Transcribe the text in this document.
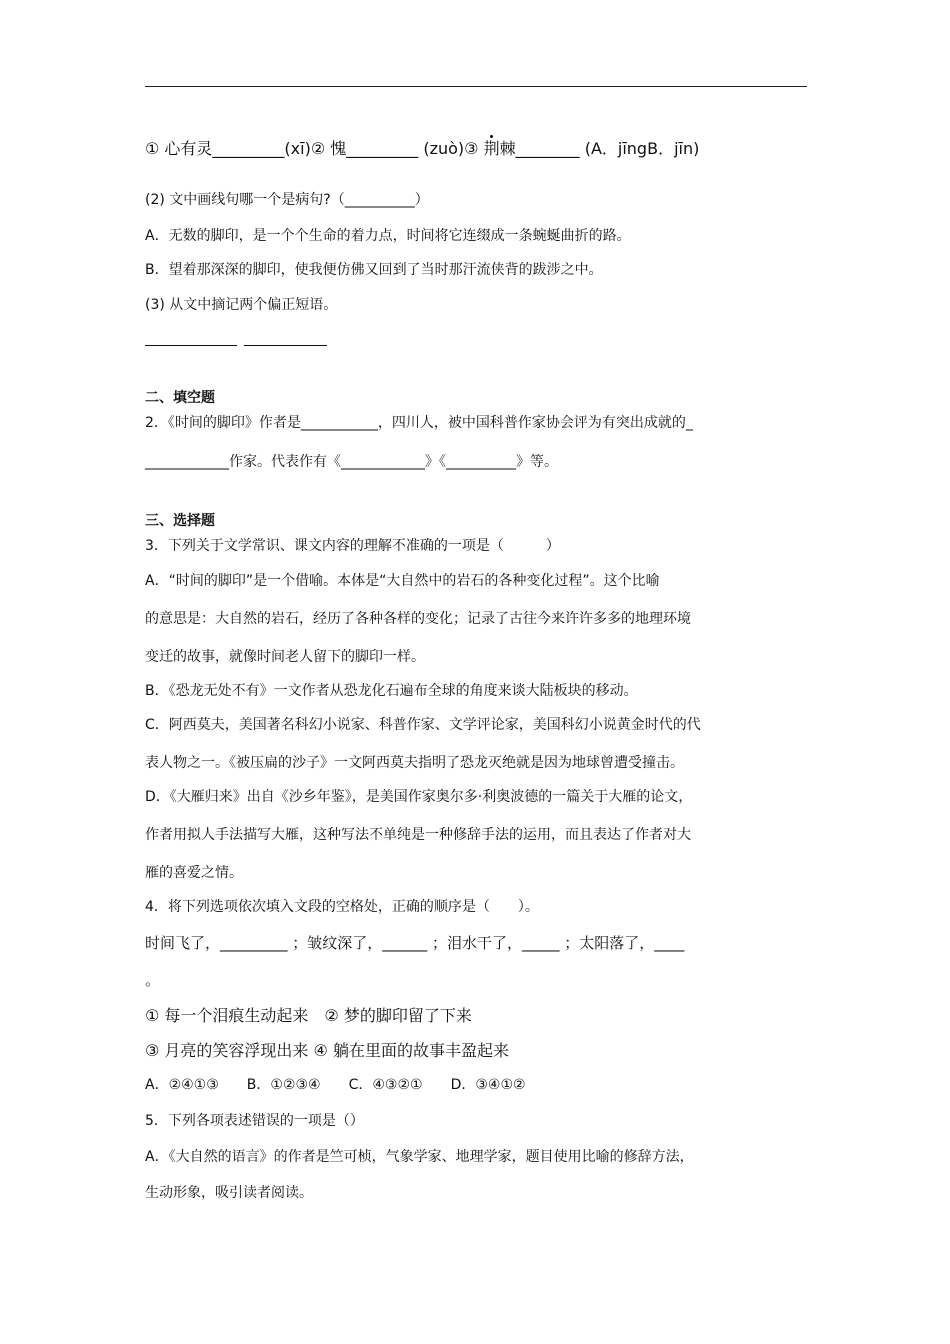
① 心有灵_________(xī)② 愧_________ (zuò)③ 荆棘________ (A．jīngB．jīn)
(2) 文中画线句哪一个是病句?（__________）
A．无数的脚印，是一个个生命的着力点，时间将它连缀成一条蜿蜒曲折的路。
B．望着那深深的脚印，使我便仿佛又回到了当时那汗流侠背的跋涉之中。
(3) 从文中摘记两个偏正短语。
二、填空题
2．《时间的脚印》作者是___________，四川人，被中国科普作家协会评为有突出成就的_
____________作家。代表作有《____________》《__________》等。
三、选择题
3．下列关于文学常识、课文内容的理解不准确的一项是（　　　）
A．“时间的脚印”是一个借喻。本体是“大自然中的岩石的各种变化过程”。这个比喻
的意思是：大自然的岩石，经历了各种各样的变化；记录了古往今来许许多多的地理环境
变迁的故事，就像时间老人留下的脚印一样。
B．《恐龙无处不有》一文作者从恐龙化石遍布全球的角度来谈大陆板块的移动。
C．阿西莫夫，美国著名科幻小说家、科普作家、文学评论家，美国科幻小说黄金时代的代
表人物之一。《被压扁的沙子》一文阿西莫夫指明了恐龙灭绝就是因为地球曾遭受撞击。
D．《大雁归来》出自《沙乡年鉴》，是美国作家奥尔多·利奥波德的一篇关于大雁的论文，
作者用拟人手法描写大雁，这种写法不单纯是一种修辞手法的运用，而且表达了作者对大
雁的喜爱之情。
4．将下列选项依次填入文段的空格处，正确的顺序是（　　）。
时间飞了，_________ ；皱纹深了，______ ；泪水干了，_____ ；太阳落了，____
。
① 每一个泪痕生动起来　② 梦的脚印留了下来
③ 月亮的笑容浮现出来 ④ 躺在里面的故事丰盈起来
A．②④①③　　B．①②③④　　C．④③②①　　D．③④①②
5．下列各项表述错误的一项是（）
A．《大自然的语言》的作者是竺可桢，气象学家、地理学家，题目使用比喻的修辞方法，
生动形象，吸引读者阅读。
